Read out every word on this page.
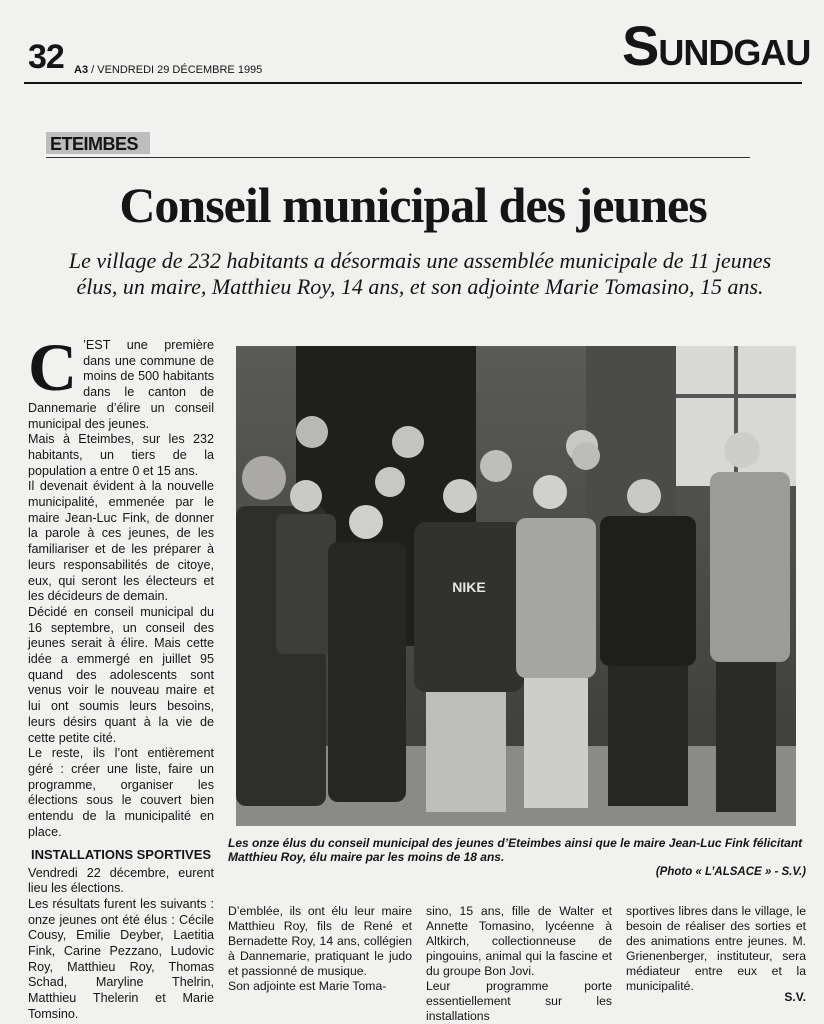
32 A3 / VENDREDI 29 DÉCEMBRE 1995	SUNDGAU
ETEIMBES
Conseil municipal des jeunes
Le village de 232 habitants a désormais une assemblée municipale de 11 jeunes élus, un maire, Matthieu Roy, 14 ans, et son adjointe Marie Tomasino, 15 ans.
C ’EST une première dans une commune de moins de 500 habitants dans le canton de Dannemarie d’élire un conseil municipal des jeunes.

Mais à Eteimbes, sur les 232 habitants, un tiers de la population a entre 0 et 15 ans.

Il devenait évident à la nouvelle municipalité, emmenée par le maire Jean-Luc Fink, de donner la parole à ces jeunes, de les familiariser et de les préparer à leurs responsabilités de citoye, eux, qui seront les électeurs et les décideurs de demain.

Décidé en conseil municipal du 16 septembre, un conseil des jeunes serait à élire. Mais cette idée a emmergé en juillet 95 quand des adolescents sont venus voir le nouveau maire et lui ont soumis leurs besoins, leurs désirs quant à la vie de cette petite cité.

Le reste, ils l’ont entièrement géré : créer une liste, faire un programme, organiser les élections sous le couvert bien entendu de la municipalité en place.

INSTALLATIONS SPORTIVES

Vendredi 22 décembre, eurent lieu les élections.

Les résultats furent les suivants : onze jeunes ont été élus : Cécile Cousy, Emilie Deyber, Laetitia Fink, Carine Pezzano, Ludovic Roy, Matthieu Roy, Thomas Schad, Maryline Thelrin, Matthieu Thelerin et Marie Tomsino.

NIKE
Les onze élus du conseil municipal des jeunes d’Eteimbes ainsi que le maire Jean-Luc Fink félicitant Matthieu Roy, élu maire par les moins de 18 ans.
(Photo « L’ALSACE » - S.V.)

D’emblée, ils ont élu leur maire Matthieu Roy, fils de René et Bernadette Roy, 14 ans, collégien à Dannemarie, pratiquant le judo et passionné de musique.

Son adjointe est Marie Toma-

sino, 15 ans, fille de Walter et Annette Tomasino, lycéenne à Altkirch, collectionneuse de pingouins, animal qui la fascine et du groupe Bon Jovi.

Leur programme porte essentiellement sur les installations

sportives libres dans le village, le besoin de réaliser des sorties et des animations entre jeunes. M. Grienenberger, instituteur, sera médiateur entre eux et la municipalité.

S.V.
